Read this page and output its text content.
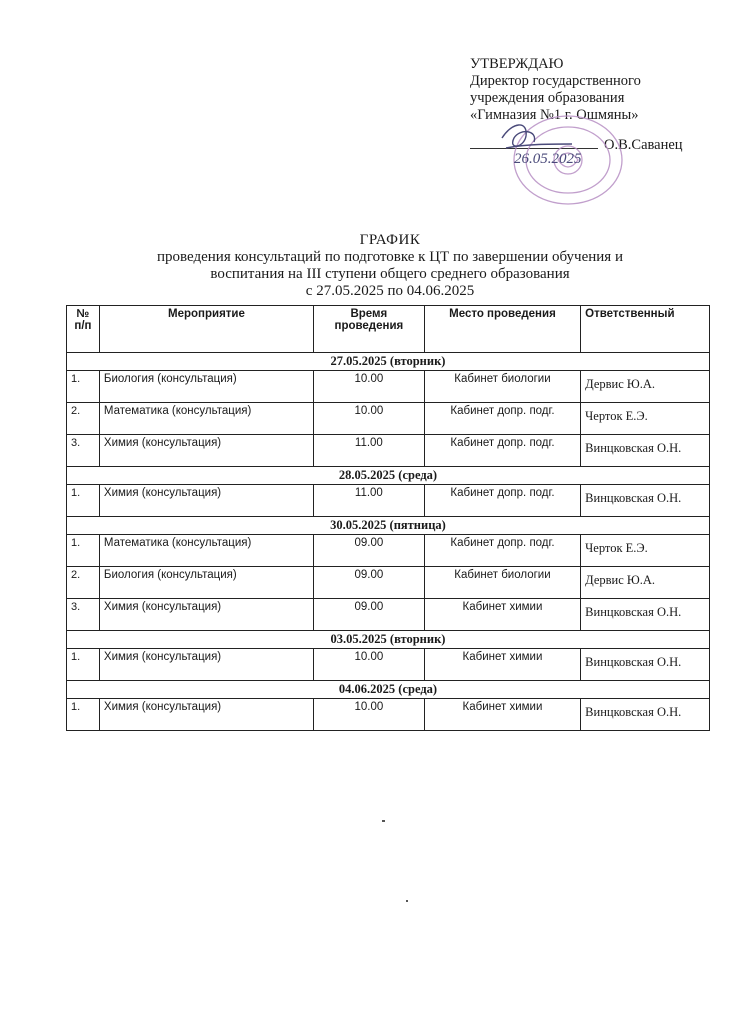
УТВЕРЖДАЮ
Директор государственного
учреждения образования
«Гимназия №1 г. Ошмяны»
О.В.Саванец
26.05.2025
ГРАФИК
проведения консультаций по подготовке к ЦТ по завершении обучения и
воспитания на III ступени общего среднего образования
с 27.05.2025 по 04.06.2025
№ п/п	Мероприятие	Время проведения	Место проведения	Ответственный
27.05.2025 (вторник)				
1.	Биология (консультация)	10.00	Кабинет биологии	Дервис Ю.А.
2.	Математика (консультация)	10.00	Кабинет допр. подг.	Черток Е.Э.
3.	Химия (консультация)	11.00	Кабинет допр. подг.	Винцковская О.Н.
28.05.2025 (среда)				
1.	Химия (консультация)	11.00	Кабинет допр. подг.	Винцковская О.Н.
30.05.2025 (пятница)				
1.	Математика (консультация)	09.00	Кабинет допр. подг.	Черток Е.Э.
2.	Биология (консультация)	09.00	Кабинет биологии	Дервис Ю.А.
3.	Химия (консультация)	09.00	Кабинет химии	Винцковская О.Н.
03.05.2025 (вторник)				
1.	Химия (консультация)	10.00	Кабинет химии	Винцковская О.Н.
04.06.2025 (среда)				
1.	Химия (консультация)	10.00	Кабинет химии	Винцковская О.Н.
